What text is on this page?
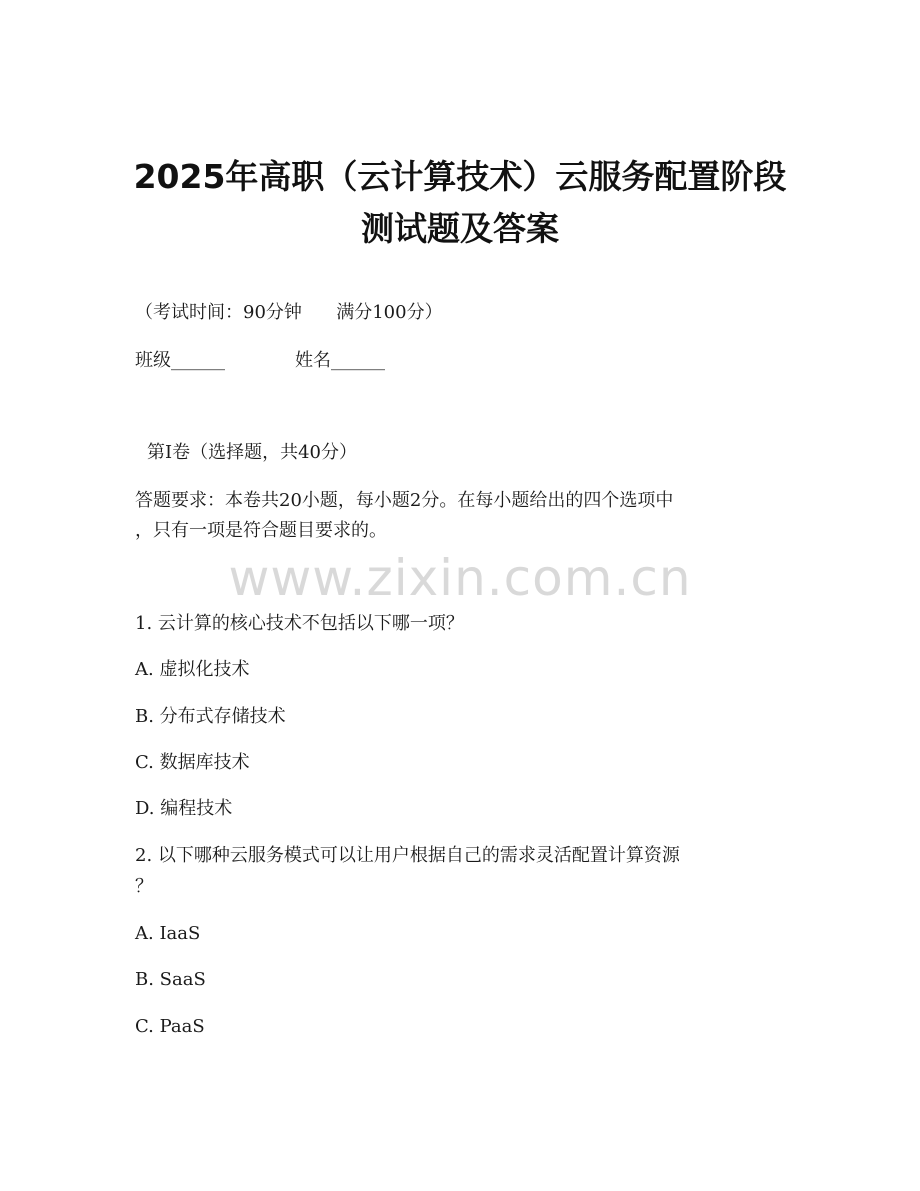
2025年高职（云计算技术）云服务配置阶段
测试题及答案
（考试时间：90分钟      满分100分）
班级______	姓名______
第I卷（选择题，共40分）
答题要求：本卷共20小题，每小题2分。在每小题给出的四个选项中
，只有一项是符合题目要求的。
www.zixin.com.cn
1. 云计算的核心技术不包括以下哪一项？
A. 虚拟化技术
B. 分布式存储技术
C. 数据库技术
D. 编程技术
2. 以下哪种云服务模式可以让用户根据自己的需求灵活配置计算资源
？
A. IaaS
B. SaaS
C. PaaS
